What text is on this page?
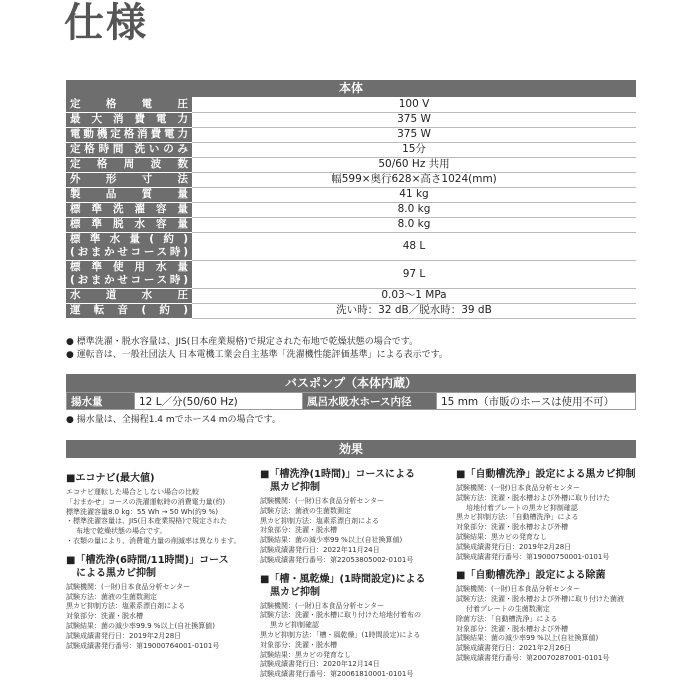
仕様
本体
定格電圧	100 V

最大消費電力	375 W

電動機定格消費電力	375 W

定格時間 洗いのみ	15分

定格周波数	50/60 Hz 共用

外形寸法	幅599×奥行628×高さ1024(mm)

製品質量	41 kg

標準洗濯容量	8.0 kg

標準脱水容量	8.0 kg

標準水量(約)
(おまかせコース時)	48 L

標準使用水量
(おまかせコース時)	97 L

水道水圧	0.03〜1 MPa

運転音(約)	洗い時：32 dB／脱水時：39 dB

● 標準洗濯・脱水容量は、JIS(日本産業規格)で規定された布地で乾燥状態の場合です。

● 運転音は、一般社団法人 日本電機工業会自主基準「洗濯機性能評価基準」による表示です。

バスポンプ（本体内蔵）
揚水量	12 L／分(50/60 Hz)	風呂水吸水ホース内径	15 mm（市販のホースは使用不可）

● 揚水量は、全揚程1.4 mでホース4 mの場合です。

効果
■エコナビ(最大値)

エコナビ運転した場合としない場合の比較

「おまかせ」コースの洗濯運転時の消費電力量(約)

標準洗濯容量8.0 kg：55 Wh → 50 Wh(約9 %)

・標準洗濯容量は、JIS(日本産業規格)で規定された

布地で乾燥状態の場合です。

・衣類の量により、消費電力量の削減率は異なります。

■「槽洗浄(6時間/11時間)」コース
による黒カビ抑制

試験機関：(一財)日本食品分析センター

試験方法：菌液の生菌数測定

黒カビ抑制方法：塩素系漂白剤による

対象部分：洗濯・脱水槽

試験結果：菌の減少率99.9 %以上(自社換算値)

試験成績書発行日：2019年2月28日

試験成績書発行番号：第19000764001-0101号

■「槽洗浄(1時間)」コースによる
黒カビ抑制

試験機関：(一財)日本食品分析センター

試験方法：菌液の生菌数測定

黒カビ抑制方法：塩素系漂白剤による

対象部分：洗濯・脱水槽

試験結果：菌の減少率99 %以上(自社換算値)

試験成績書発行日：2022年11月24日

試験成績書発行番号：第22053805002-0101号

■「槽・風乾燥」(1時間設定)による
黒カビ抑制

試験機関：(一財)日本食品分析センター

試験方法：洗濯・脱水槽に取り付けた培地付着布の

黒カビ抑制確認

黒カビ抑制方法：「槽・風乾燥」(1時間設定)による

対象部分：洗濯・脱水槽

試験結果：黒カビの発育なし

試験成績書発行日：2020年12月14日

試験成績書発行番号：第20061810001-0101号

■「自動槽洗浄」設定による黒カビ抑制

試験機関：(一財)日本食品分析センター

試験方法：洗濯・脱水槽および外槽に取り付けた

培地付着プレートの黒カビ抑制確認

黒カビ抑制方法：「自動槽洗浄」による

対象部分：洗濯・脱水槽および外槽

試験結果：黒カビの発育なし

試験成績書発行日：2019年2月28日

試験成績書発行番号：第19000750001-0101号

■「自動槽洗浄」設定による除菌

試験機関：(一財)日本食品分析センター

試験方法：洗濯・脱水槽および外槽に取り付けた菌液

付着プレートの生菌数測定

除菌方法：「自動槽洗浄」による

対象部分：洗濯・脱水槽および外槽

試験結果：菌の減少率99 %以上(自社換算値)

試験成績書発行日：2021年2月26日

試験成績書発行番号：第20070287001-0101号
